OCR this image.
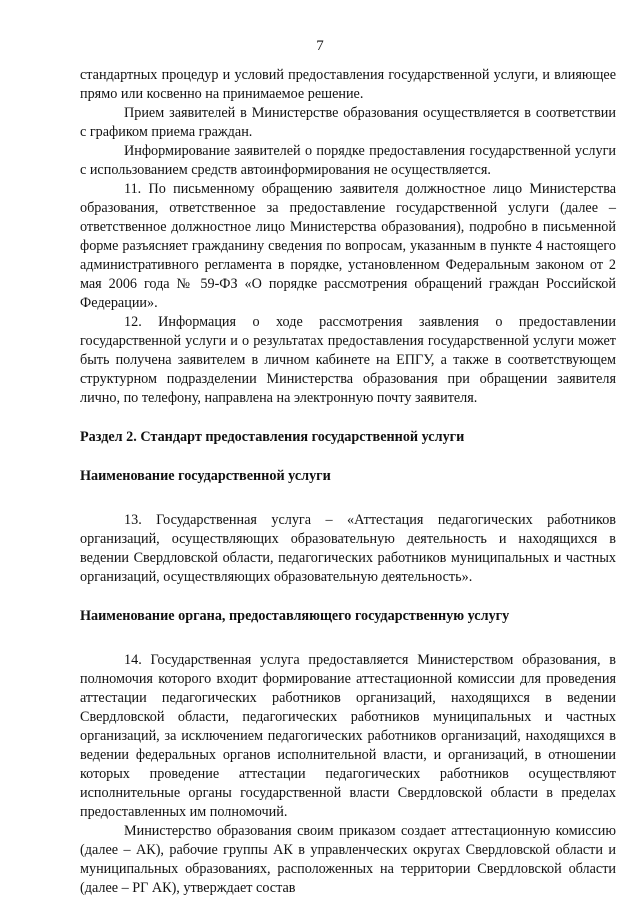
7

стандартных процедур и условий предоставления государственной услуги, и влияющее прямо или косвенно на принимаемое решение.

Прием заявителей в Министерстве образования осуществляется в соответствии с графиком приема граждан.

Информирование заявителей о порядке предоставления государственной услуги с использованием средств автоинформирования не осуществляется.

11. По письменному обращению заявителя должностное лицо Министерства образования, ответственное за предоставление государственной услуги (далее – ответственное должностное лицо Министерства образования), подробно в письменной форме разъясняет гражданину сведения по вопросам, указанным в пункте 4 настоящего административного регламента в порядке, установленном Федеральным законом от 2 мая 2006 года № 59-ФЗ «О порядке рассмотрения обращений граждан Российской Федерации».

12. Информация о ходе рассмотрения заявления о предоставлении государственной услуги и о результатах предоставления государственной услуги может быть получена заявителем в личном кабинете на ЕПГУ, а также в соответствующем структурном подразделении Министерства образования при обращении заявителя лично, по телефону, направлена на электронную почту заявителя.

Раздел 2. Стандарт предоставления государственной услуги

Наименование государственной услуги

13. Государственная услуга – «Аттестация педагогических работников организаций, осуществляющих образовательную деятельность и находящихся в ведении Свердловской области, педагогических работников муниципальных и частных организаций, осуществляющих образовательную деятельность».

Наименование органа, предоставляющего государственную услугу

14. Государственная услуга предоставляется Министерством образования, в полномочия которого входит формирование аттестационной комиссии для проведения аттестации педагогических работников организаций, находящихся в ведении Свердловской области, педагогических работников муниципальных и частных организаций, за исключением педагогических работников организаций, находящихся в ведении федеральных органов исполнительной власти, и организаций, в отношении которых проведение аттестации педагогических работников осуществляют исполнительные органы государственной власти Свердловской области в пределах предоставленных им полномочий.

Министерство образования своим приказом создает аттестационную комиссию (далее – АК), рабочие группы АК в управленческих округах Свердловской области и муниципальных образованиях, расположенных на территории Свердловской области (далее – РГ АК), утверждает состав
